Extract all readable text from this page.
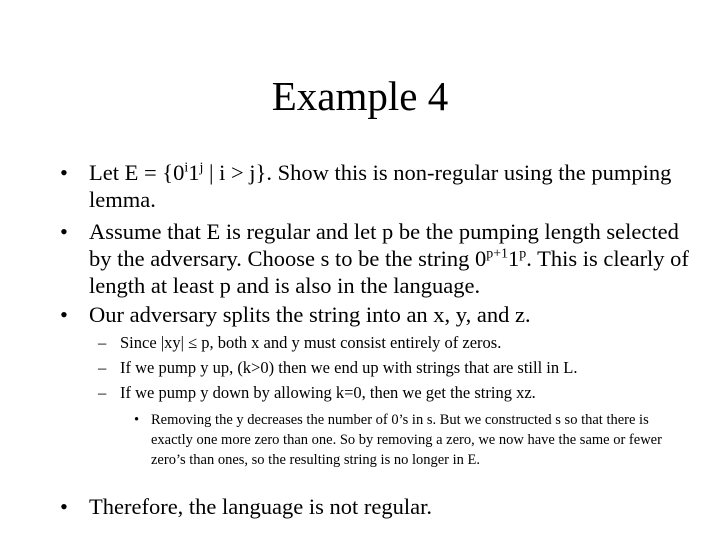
Example 4
• Let $E = \{0^i1^j$ | i > j}. Show this is non-regular using the pumping lemma.
• Assume that E is regular and let p be the pumping length selected by the adversary. Choose s to be the string $0^{p+1}1^p$. This is clearly of length at least p and is also in the language.
• Our adversary splits the string into an x, y, and z.
– Since |xy| ≤ p, both x and y must consist entirely of zeros.
– If we pump y up, (k>0) then we end up with strings that are still in L.
– If we pump y down by allowing k=0, then we get the string xz.
• Removing the y decreases the number of 0’s in s. But we constructed s so that there is exactly one more zero than one. So by removing a zero, we now have the same or fewer zero’s than ones, so the resulting string is no longer in E.
• Therefore, the language is not regular.
